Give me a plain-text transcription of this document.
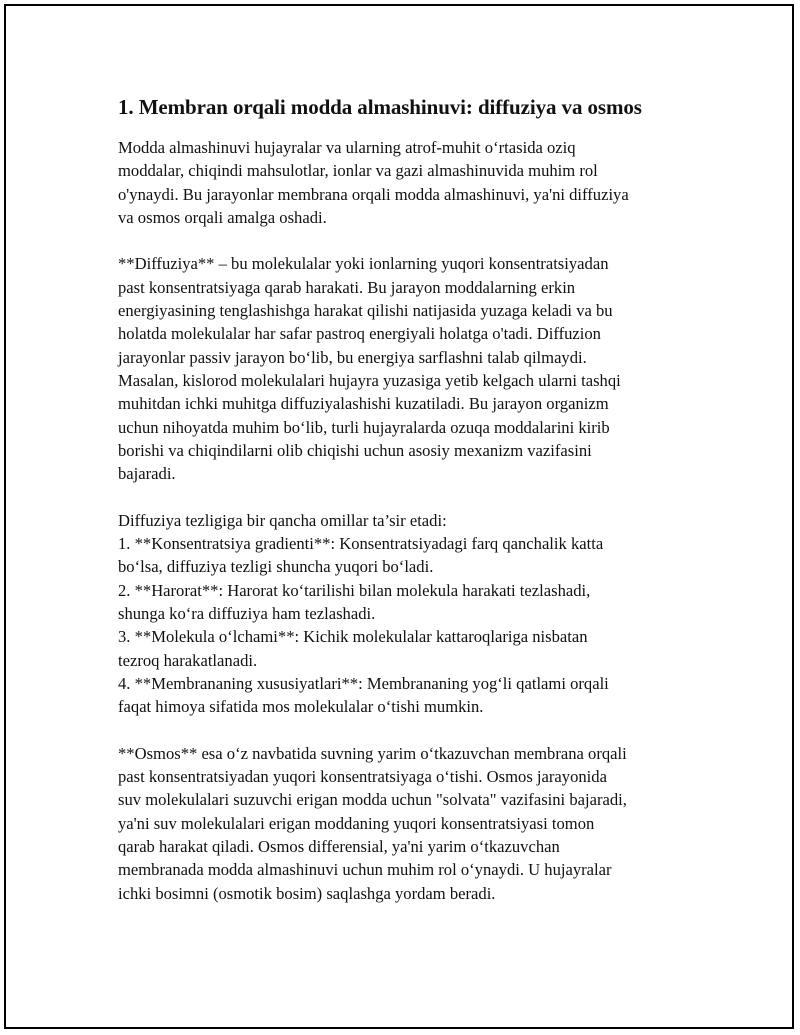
1. Membran orqali modda almashinuvi: diffuziya va osmos

Modda almashinuvi hujayralar va ularning atrof-muhit o‘rtasida oziq
moddalar, chiqindi mahsulotlar, ionlar va gazi almashinuvida muhim rol
o'ynaydi. Bu jarayonlar membrana orqali modda almashinuvi, ya'ni diffuziya
va osmos orqali amalga oshadi.

**Diffuziya** – bu molekulalar yoki ionlarning yuqori konsentratsiyadan
past konsentratsiyaga qarab harakati. Bu jarayon moddalarning erkin
energiyasining tenglashishga harakat qilishi natijasida yuzaga keladi va bu
holatda molekulalar har safar pastroq energiyali holatga o'tadi. Diffuzion
jarayonlar passiv jarayon bo‘lib, bu energiya sarflashni talab qilmaydi.
Masalan, kislorod molekulalari hujayra yuzasiga yetib kelgach ularni tashqi
muhitdan ichki muhitga diffuziyalashishi kuzatiladi. Bu jarayon organizm
uchun nihoyatda muhim bo‘lib, turli hujayralarda ozuqa moddalarini kirib
borishi va chiqindilarni olib chiqishi uchun asosiy mexanizm vazifasini
bajaradi.

Diffuziya tezligiga bir qancha omillar ta’sir etadi:
1. **Konsentratsiya gradienti**: Konsentratsiyadagi farq qanchalik katta
bo‘lsa, diffuziya tezligi shuncha yuqori bo‘ladi.
2. **Harorat**: Harorat ko‘tarilishi bilan molekula harakati tezlashadi,
shunga ko‘ra diffuziya ham tezlashadi.
3. **Molekula o‘lchami**: Kichik molekulalar kattaroqlariga nisbatan
tezroq harakatlanadi.
4. **Membrananing xususiyatlari**: Membrananing yog‘li qatlami orqali
faqat himoya sifatida mos molekulalar o‘tishi mumkin.

**Osmos** esa o‘z navbatida suvning yarim o‘tkazuvchan membrana orqali
past konsentratsiyadan yuqori konsentratsiyaga o‘tishi. Osmos jarayonida
suv molekulalari suzuvchi erigan modda uchun "solvata" vazifasini bajaradi,
ya'ni suv molekulalari erigan moddaning yuqori konsentratsiyasi tomon
qarab harakat qiladi. Osmos differensial, ya'ni yarim o‘tkazuvchan
membranada modda almashinuvi uchun muhim rol o‘ynaydi. U hujayralar
ichki bosimni (osmotik bosim) saqlashga yordam beradi.
